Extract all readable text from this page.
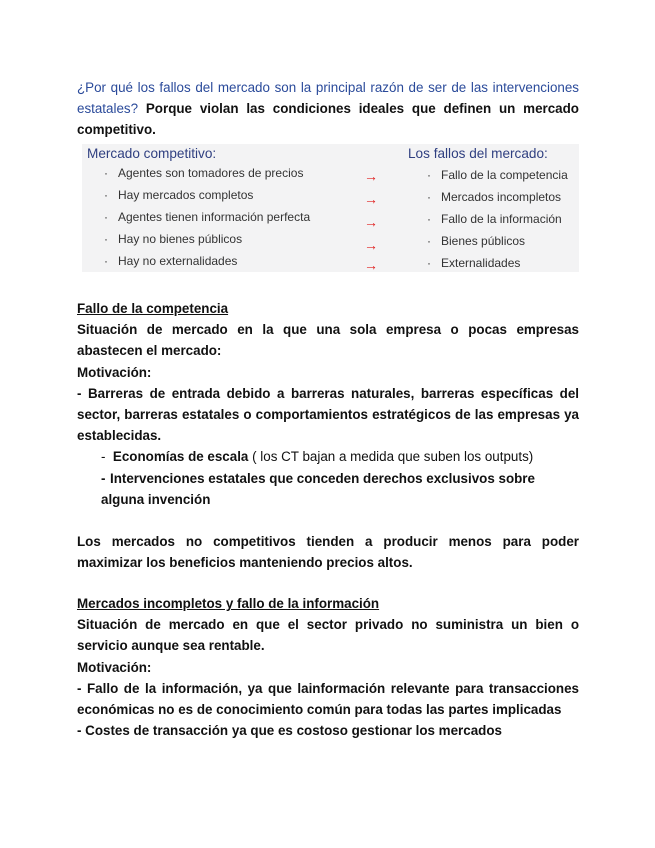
¿Por qué los fallos del mercado son la principal razón de ser de las intervenciones estatales? Porque violan las condiciones ideales que definen un mercado competitivo.
Mercado competitivo:	Los fallos del mercado:
· Agentes son tomadores de precios
· Hay mercados completos
· Agentes tienen información perfecta
· Hay no bienes públicos
· Hay no externalidades
→
→
→
→
→
· Fallo de la competencia
· Mercados incompletos
· Fallo de la información
· Bienes públicos
· Externalidades
Fallo de la competencia
Situación de mercado en la que una sola empresa o pocas empresas abastecen el mercado:
Motivación:
- Barreras de entrada debido a barreras naturales, barreras específicas del sector, barreras estatales o comportamientos estratégicos de las empresas ya establecidas.
-  Economías de escala ( los CT bajan a medida que suben los outputs)
- Intervenciones estatales que conceden derechos exclusivos sobre alguna invención
Los mercados no competitivos tienden a producir menos para poder maximizar los beneficios manteniendo precios altos.
Mercados incompletos y fallo de la información
Situación de mercado en que el sector privado no suministra un bien o servicio aunque sea rentable.
Motivación:
- Fallo de la información, ya que lainformación relevante para transacciones económicas no es de conocimiento común para todas las partes implicadas
- Costes de transacción ya que es costoso gestionar los mercados
